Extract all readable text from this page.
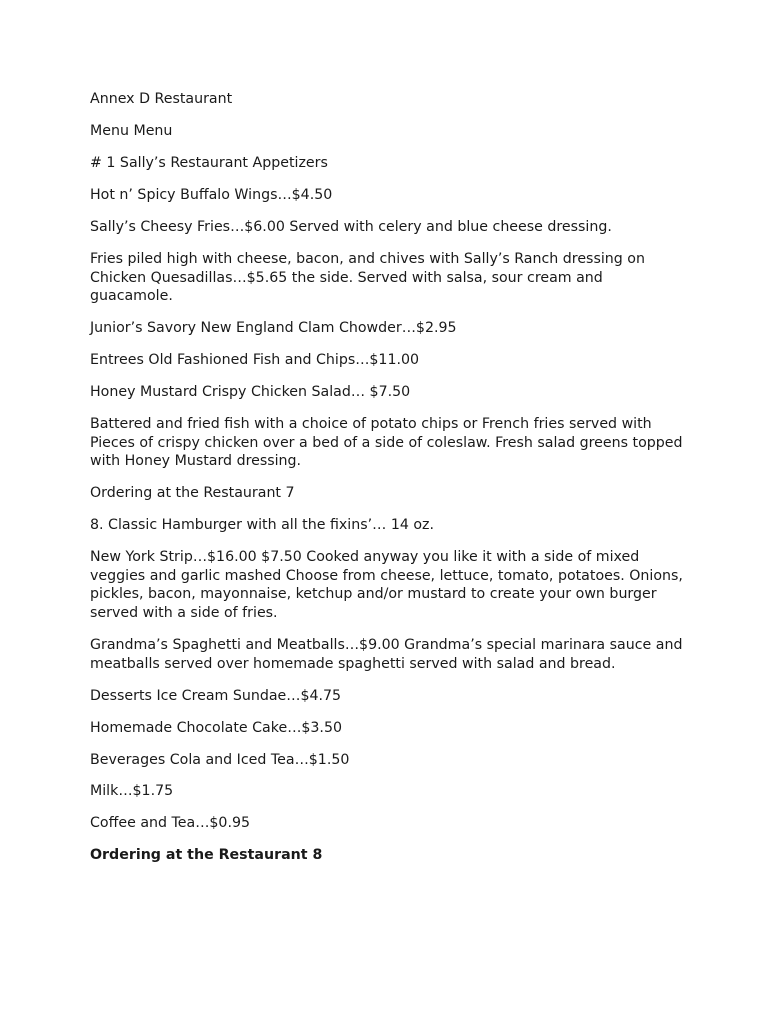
Annex D Restaurant

Menu Menu

# 1 Sally’s Restaurant Appetizers

Hot n’ Spicy Buffalo Wings…$4.50

Sally’s Cheesy Fries…$6.00 Served with celery and blue cheese dressing.

Fries piled high with cheese, bacon, and chives with Sally’s Ranch dressing on Chicken Quesadillas…$5.65 the side. Served with salsa, sour cream and guacamole.

Junior’s Savory New England Clam Chowder…$2.95

Entrees Old Fashioned Fish and Chips…$11.00

Honey Mustard Crispy Chicken Salad… $7.50

Battered and fried fish with a choice of potato chips or French fries served with Pieces of crispy chicken over a bed of a side of coleslaw. Fresh salad greens topped with Honey Mustard dressing.

Ordering at the Restaurant 7

8. Classic Hamburger with all the fixins’… 14 oz.

New York Strip…$16.00 $7.50 Cooked anyway you like it with a side of mixed veggies and garlic mashed Choose from cheese, lettuce, tomato, potatoes. Onions, pickles, bacon, mayonnaise, ketchup and/or mustard to create your own burger served with a side of fries.

Grandma’s Spaghetti and Meatballs…$9.00 Grandma’s special marinara sauce and meatballs served over homemade spaghetti served with salad and bread.

Desserts Ice Cream Sundae…$4.75

Homemade Chocolate Cake…$3.50

Beverages Cola and Iced Tea…$1.50

Milk…$1.75

Coffee and Tea…$0.95

Ordering at the Restaurant 8
